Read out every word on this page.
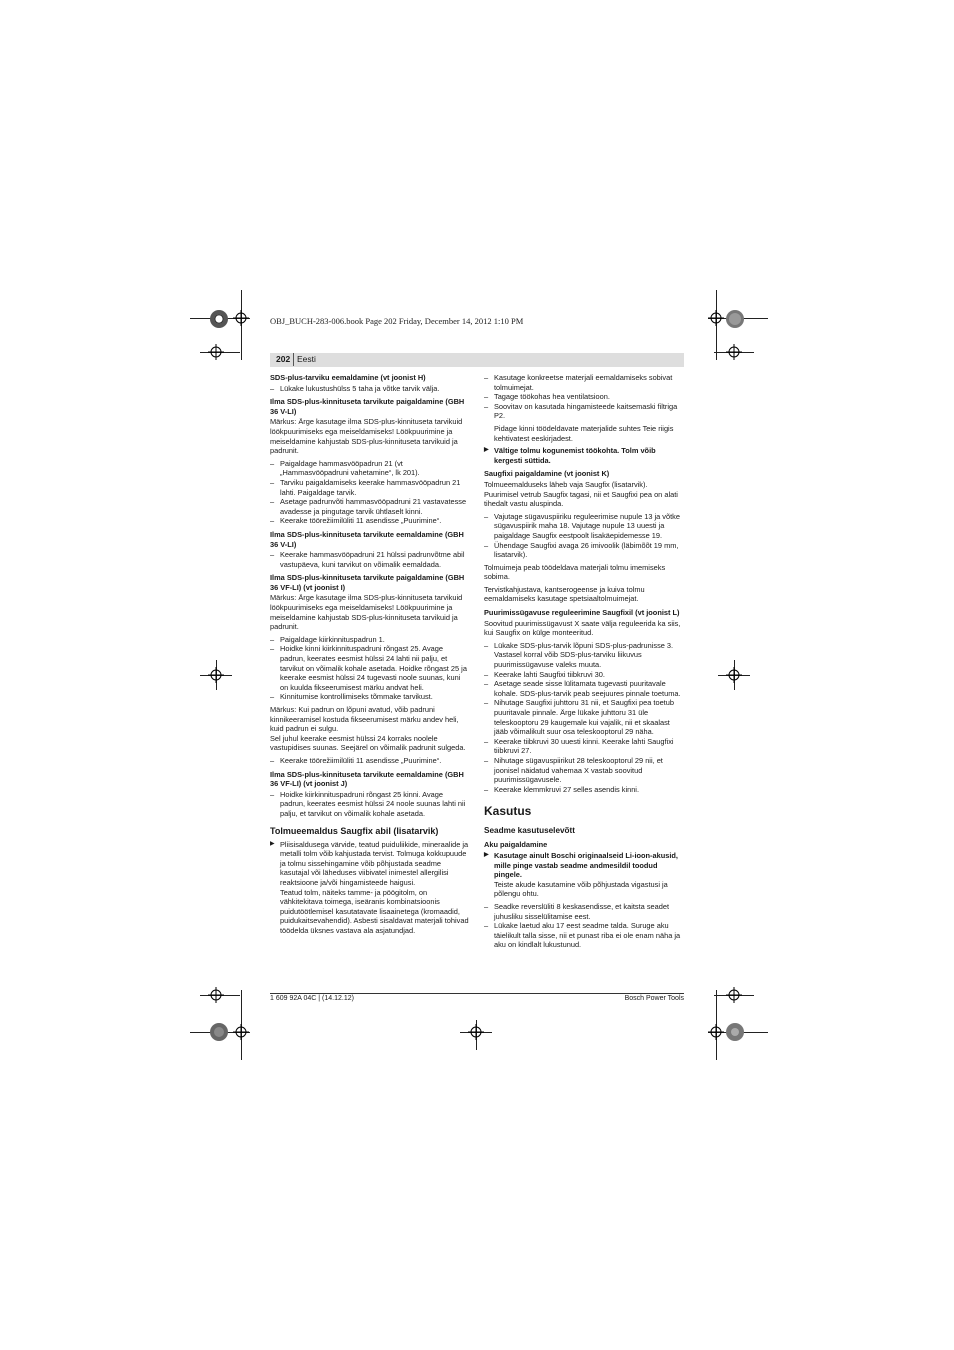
OBJ_BUCH-283-006.book Page 202 Friday, December 14, 2012 1:10 PM
202 Eesti

SDS-plus-tarviku eemaldamine (vt joonist H)

– Lükake lukustushülss 5 taha ja võtke tarvik välja.

Ilma SDS-plus-kinnituseta tarvikute paigaldamine (GBH 36 V-LI)

Märkus: Ärge kasutage ilma SDS-plus-kinnituseta tarvikuid löökpuurimiseks ega meiseldamiseks! Löökpuurimine ja meiseldamine kahjustab SDS-plus-kinnituseta tarvikuid ja padrunit.

– Paigaldage hammasvööpadrun 21 (vt „Hammasvööpadruni vahetamine“, lk 201).
– Tarviku paigaldamiseks keerake hammasvööpadrun 21 lahti. Paigaldage tarvik.
– Asetage padrunvõti hammasvööpadruni 21 vastavatesse avadesse ja pingutage tarvik ühtlaselt kinni.
– Keerake töörežiimilüliti 11 asendisse „Puurimine“.

Ilma SDS-plus-kinnituseta tarvikute eemaldamine (GBH 36 V-LI)

– Keerake hammasvööpadruni 21 hülssi padrunvõtme abil vastupäeva, kuni tarvikut on võimalik eemaldada.

Ilma SDS-plus-kinnituseta tarvikute paigaldamine (GBH 36 VF-LI) (vt joonist I)

Märkus: Ärge kasutage ilma SDS-plus-kinnituseta tarvikuid löökpuurimiseks ega meiseldamiseks! Löökpuurimine ja meiseldamine kahjustab SDS-plus-kinnituseta tarvikuid ja padrunit.

– Paigaldage kiirkinnituspadrun 1.
– Hoidke kinni kiirkinnituspadruni rõngast 25. Avage padrun, keerates eesmist hülssi 24 lahti nii palju, et tarvikut on võimalik kohale asetada. Hoidke rõngast 25 ja keerake eesmist hülssi 24 tugevasti noole suunas, kuni on kuulda fikseerumisest märku andvat heli.
– Kinnitumise kontrollimiseks tõmmake tarvikust.

Märkus: Kui padrun on lõpuni avatud, võib padruni kinnikeeramisel kostuda fikseerumisest märku andev heli, kuid padrun ei sulgu.

Sel juhul keerake eesmist hülssi 24 korraks noolele vastupidises suunas. Seejärel on võimalik padrunit sulgeda.

– Keerake töörežiimilüliti 11 asendisse „Puurimine“.

Ilma SDS-plus-kinnituseta tarvikute eemaldamine (GBH 36 VF-LI) (vt joonist J)

– Hoidke kiirkinnituspadruni rõngast 25 kinni. Avage padrun, keerates eesmist hülssi 24 noole suunas lahti nii palju, et tarvikut on võimalik kohale asetada.

Tolmueemaldus Saugfix abil (lisatarvik)

▶ Pliisisaldusega värvide, teatud puiduliikide, mineraalide ja metalli tolm võib kahjustada tervist. Tolmuga kokkupuude ja tolmu sissehingamine võib põhjustada seadme kasutajal või läheduses viibivatel inimestel allergilisi reaktsioone ja/või hingamisteede haigusi.

Teatud tolm, näiteks tamme- ja pöögitolm, on vähkitekitava toimega, iseäranis kombinatsioonis puidutöötlemisel kasutatavate lisaainetega (kromaadid, puidukaitsevahendid). Asbesti sisaldavat materjali tohivad töödelda üksnes vastava ala asjatundjad.

– Kasutage konkreetse materjali eemaldamiseks sobivat tolmuimejat.
– Tagage töökohas hea ventilatsioon.
– Soovitav on kasutada hingamisteede kaitsemaski filtriga P2.

Pidage kinni töödeldavate materjalide suhtes Teie riigis kehtivatest eeskirjadest.

▶ Vältige tolmu kogunemist töökohta. Tolm võib kergesti süttida.

Saugfixi paigaldamine (vt joonist K)

Tolmueemalduseks läheb vaja Saugfix (lisatarvik). Puurimisel vetrub Saugfix tagasi, nii et Saugfixi pea on alati tihedalt vastu aluspinda.

– Vajutage sügavuspiiriku reguleerimise nupule 13 ja võtke sügavuspiirik maha 18. Vajutage nupule 13 uuesti ja paigaldage Saugfix eestpoolt lisakäepidemesse 19.
– Ühendage Saugfixi avaga 26 imivoolik (läbimõõt 19 mm, lisatarvik).

Tolmuimeja peab töödeldava materjali tolmu imemiseks sobima.

Tervistkahjustava, kantserogeense ja kuiva tolmu eemaldamiseks kasutage spetsiaaltolmuimejat.

Puurimissügavuse reguleerimine Saugfixil (vt joonist L)

Soovitud puurimissügavust X saate välja reguleerida ka siis, kui Saugfix on külge monteeritud.

– Lükake SDS-plus-tarvik lõpuni SDS-plus-padrunisse 3. Vastasel korral võib SDS-plus-tarviku liikuvus puurimissügavuse valeks muuta.
– Keerake lahti Saugfixi tiibkruvi 30.
– Asetage seade sisse lülitamata tugevasti puuritavale kohale. SDS-plus-tarvik peab seejuures pinnale toetuma.
– Nihutage Saugfixi juhttoru 31 nii, et Saugfixi pea toetub puuritavale pinnale. Ärge lükake juhttoru 31 üle teleskooptoru 29 kaugemale kui vajalik, nii et skaalast jääb võimalikult suur osa teleskooptorul 29 näha.
– Keerake tiibkruvi 30 uuesti kinni. Keerake lahti Saugfixi tiibkruvi 27.
– Nihutage sügavuspiirikut 28 teleskooptorul 29 nii, et joonisel näidatud vahemaa X vastab soovitud puurimissügavusele.
– Keerake klemmkruvi 27 selles asendis kinni.

Kasutus

Seadme kasutuselevõtt

Aku paigaldamine

▶ Kasutage ainult Boschi originaalseid Li-ioon-akusid, mille pinge vastab seadme andmesildil toodud pingele.

Teiste akude kasutamine võib põhjustada vigastusi ja põlengu ohtu.

– Seadke reverslüliti 8 keskasendisse, et kaitsta seadet juhusliku sisselülitamise eest.
– Lükake laetud aku 17 eest seadme talda. Suruge aku täielikult talla sisse, nii et punast riba ei ole enam näha ja aku on kindlalt lukustunud.
1 609 92A 04C | (14.12.12)	Bosch Power Tools
